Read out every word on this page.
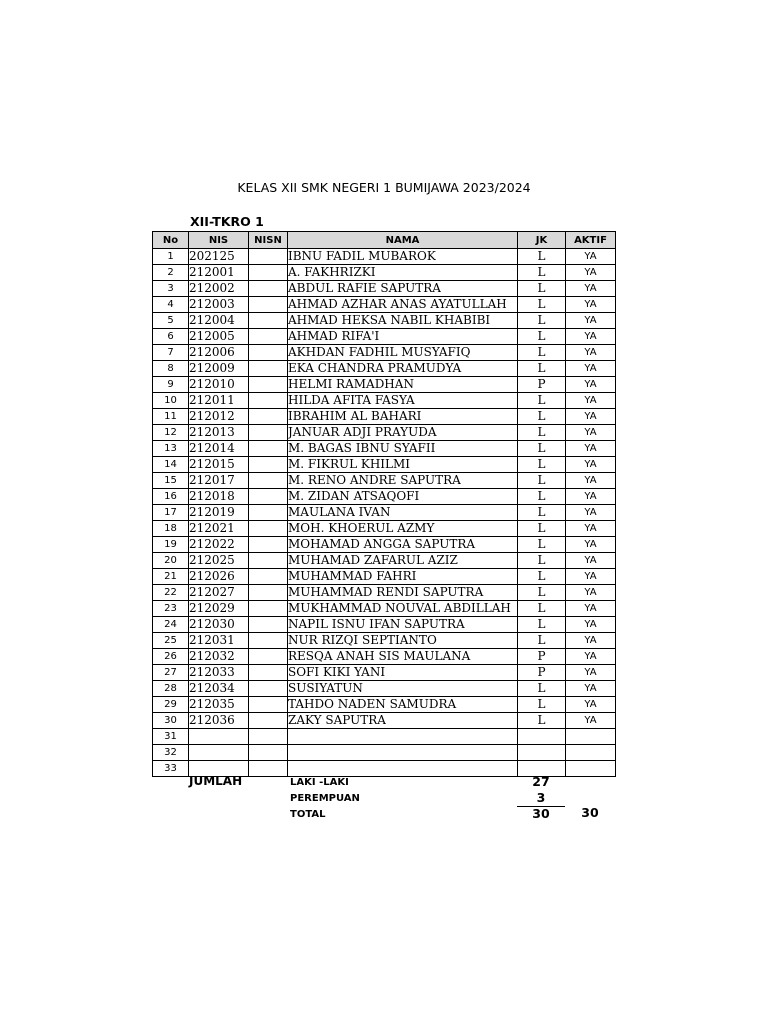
KELAS XII SMK NEGERI 1 BUMIJAWA 2023/2024
XII-TKRO 1
No	NIS	NISN	NAMA	JK	AKTIF
1	202125		IBNU FADIL MUBAROK	L	YA
2	212001		A. FAKHRIZKI	L	YA
3	212002		ABDUL RAFIE SAPUTRA	L	YA
4	212003		AHMAD AZHAR ANAS AYATULLAH	L	YA
5	212004		AHMAD HEKSA NABIL KHABIBI	L	YA
6	212005		AHMAD RIFA'I	L	YA
7	212006		AKHDAN FADHIL MUSYAFIQ	L	YA
8	212009		EKA CHANDRA PRAMUDYA	L	YA
9	212010		HELMI RAMADHAN	P	YA
10	212011		HILDA AFITA FASYA	L	YA
11	212012		IBRAHIM AL BAHARI	L	YA
12	212013		JANUAR ADJI PRAYUDA	L	YA
13	212014		M. BAGAS IBNU SYAFII	L	YA
14	212015		M. FIKRUL KHILMI	L	YA
15	212017		M. RENO ANDRE SAPUTRA	L	YA
16	212018		M. ZIDAN ATSAQOFI	L	YA
17	212019		MAULANA IVAN	L	YA
18	212021		MOH. KHOERUL AZMY	L	YA
19	212022		MOHAMAD ANGGA SAPUTRA	L	YA
20	212025		MUHAMAD ZAFARUL AZIZ	L	YA
21	212026		MUHAMMAD FAHRI	L	YA
22	212027		MUHAMMAD RENDI SAPUTRA	L	YA
23	212029		MUKHAMMAD NOUVAL ABDILLAH	L	YA
24	212030		NAPIL ISNU IFAN SAPUTRA	L	YA
25	212031		NUR RIZQI SEPTIANTO	L	YA
26	212032		RESQA ANAH SIS MAULANA	P	YA
27	212033		SOFI KIKI YANI	P	YA
28	212034		SUSIYATUN	L	YA
29	212035		TAHDO NADEN SAMUDRA	L	YA
30	212036		ZAKY SAPUTRA	L	YA
31					
32					
33					
JUMLAH	LAKI -LAKI	27
PEREMPUAN	3
TOTAL	30	30
